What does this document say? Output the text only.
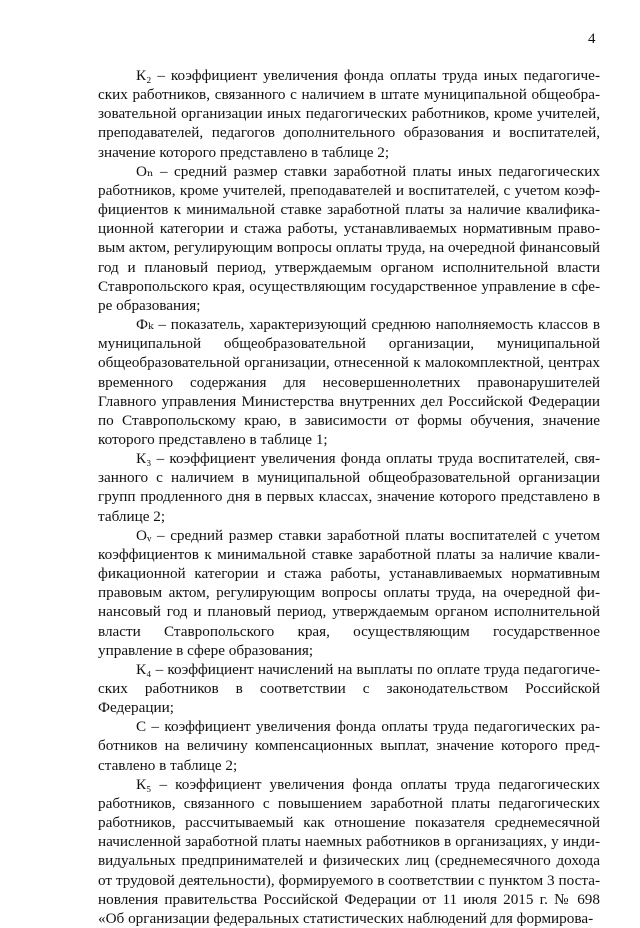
4

К₂ – коэффициент увеличения фонда оплаты труда иных педагогических работников, связанного с наличием в штате муниципальной общеобразовательной организации иных педагогических работников, кроме учителей, преподавателей, педагогов дополнительного образования и воспитателей, значение которого представлено в таблице 2;

Оₙ – средний размер ставки заработной платы иных педагогических работников, кроме учителей, преподавателей и воспитателей, с учетом коэффициентов к минимальной ставке заработной платы за наличие квалификационной категории и стажа работы, устанавливаемых нормативным правовым актом, регулирующим вопросы оплаты труда, на очередной финансовый год и плановый период, утверждаемым органом исполнительной власти Ставропольского края, осуществляющим государственное управление в сфере образования;

Фₖ – показатель, характеризующий среднюю наполняемость классов в муниципальной общеобразовательной организации, муниципальной общеобразовательной организации, отнесенной к малокомплектной, центрах временного содержания для несовершеннолетних правонарушителей Главного управления Министерства внутренних дел Российской Федерации по Ставропольскому краю, в зависимости от формы обучения, значение которого представлено в таблице 1;

К₃ – коэффициент увеличения фонда оплаты труда воспитателей, связанного с наличием в муниципальной общеобразовательной организации групп продленного дня в первых классах, значение которого представлено в таблице 2;

Оᵥ – средний размер ставки заработной платы воспитателей с учетом коэффициентов к минимальной ставке заработной платы за наличие квалификационной категории и стажа работы, устанавливаемых нормативным правовым актом, регулирующим вопросы оплаты труда, на очередной финансовый год и плановый период, утверждаемым органом исполнительной власти Ставропольского края, осуществляющим государственное управление в сфере образования;

К₄ – коэффициент начислений на выплаты по оплате труда педагогических работников в соответствии с законодательством Российской Федерации;

С – коэффициент увеличения фонда оплаты труда педагогических работников на величину компенсационных выплат, значение которого представлено в таблице 2;

К₅ – коэффициент увеличения фонда оплаты труда педагогических работников, связанного с повышением заработной платы педагогических работников, рассчитываемый как отношение показателя среднемесячной начисленной заработной платы наемных работников в организациях, у индивидуальных предпринимателей и физических лиц (среднемесячного дохода от трудовой деятельности), формируемого в соответствии с пунктом 3 постановления правительства Российской Федерации от 11 июля 2015 г. № 698 «Об организации федеральных статистических наблюдений для формирова-
